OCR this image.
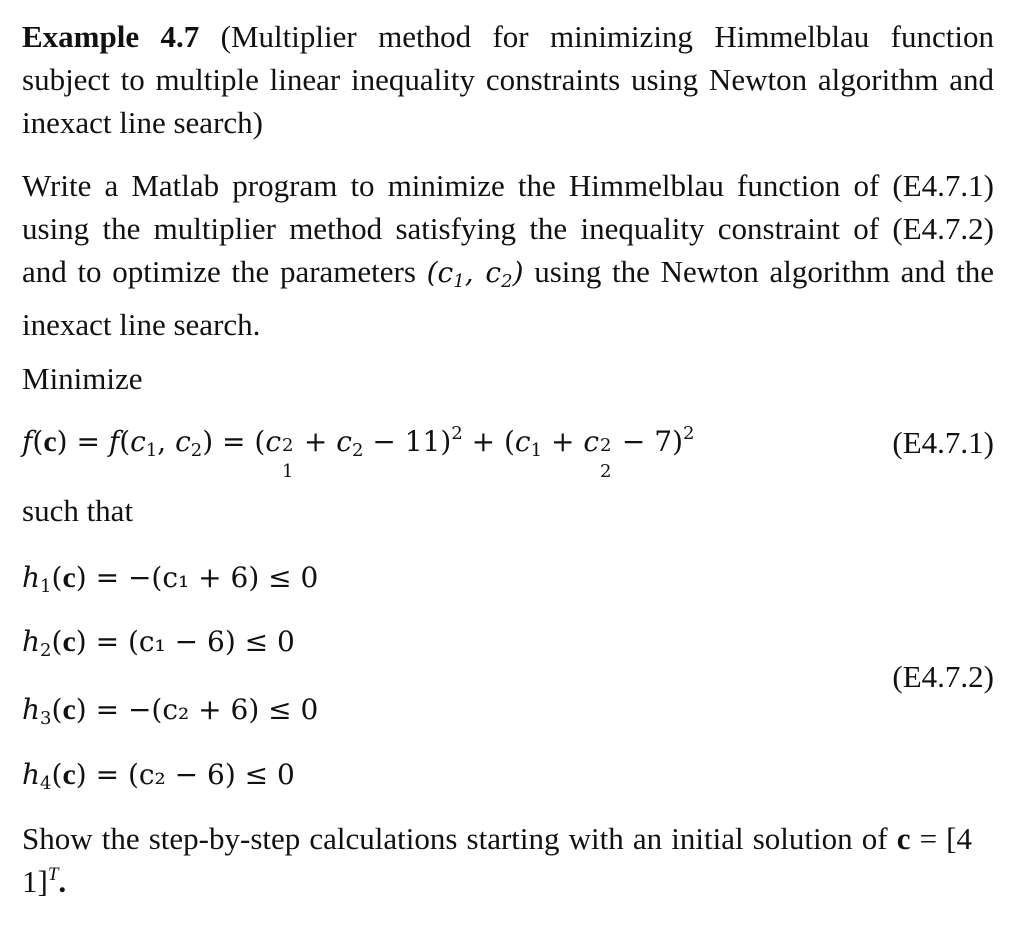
Example 4.7 (Multiplier method for minimizing Himmelblau function subject to multiple linear inequality constraints using Newton algorithm and inexact line search)
Write a Matlab program to minimize the Himmelblau function of (E4.7.1) using the multiplier method satisfying the inequality constraint of (E4.7.2) and to optimize the parameters ($c_1$, $c_2$) using the Newton algorithm and the inexact line search.
Minimize
$f(c) = f(c_1$, $c_2) = (c$ 2
1
+ $c_2 - 11)^2 + (c_1 + c$ 2
2
− 7)$^2$	(E4.7.1)
such that
$h_1(c) = -(c_1 + 6) \le 0$
$h_2(c) = (c_1 - 6) \le 0$
$h_3(c) = -(c_2 + 6) \le 0$
$h_4(c) = (c_2 - 6) \le 0$
(E4.7.2)
Show the step-by-step calculations starting with an initial solution of $c = [41]^T$.
